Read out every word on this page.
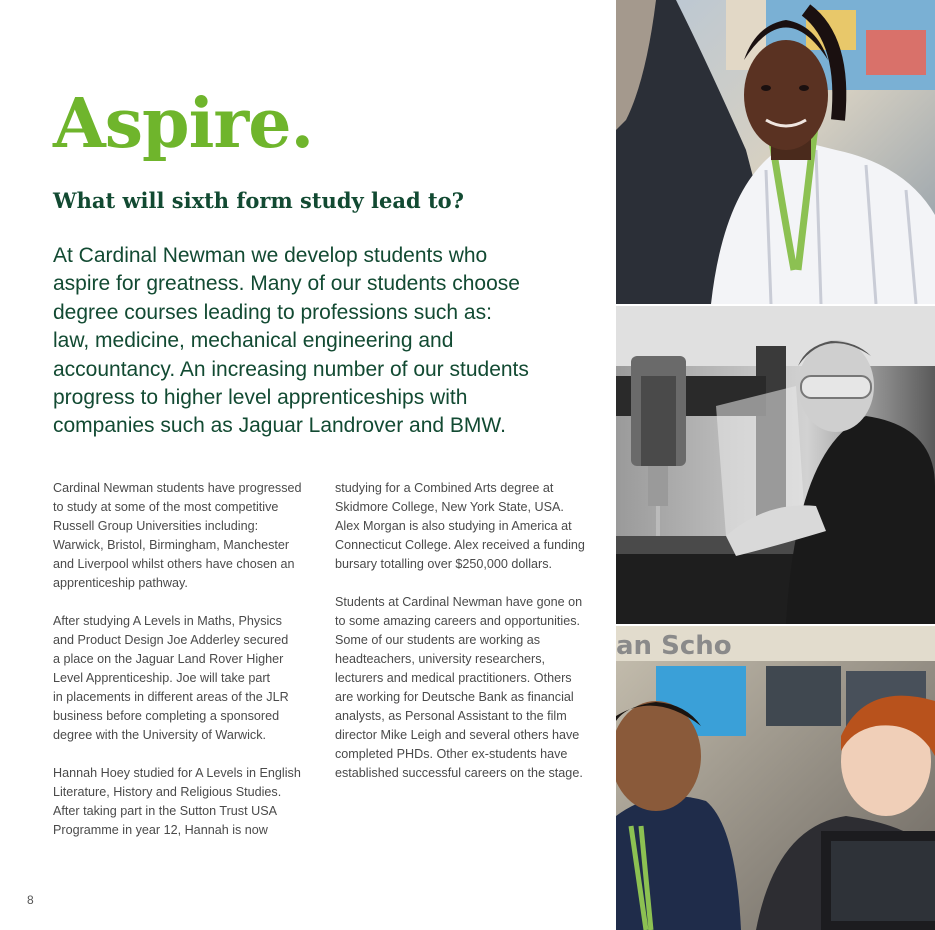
Aspire.
What will sixth form study lead to?
At Cardinal Newman we develop students who
aspire for greatness. Many of our students choose
degree courses leading to professions such as:
law, medicine, mechanical engineering and
accountancy. An increasing number of our students
progress to higher level apprenticeships with
companies such as Jaguar Landrover and BMW.

Cardinal Newman students have progressed
to study at some of the most competitive
Russell Group Universities including:
Warwick, Bristol, Birmingham, Manchester
and Liverpool whilst others have chosen an
apprenticeship pathway.

After studying A Levels in Maths, Physics
and Product Design Joe Adderley secured
a place on the Jaguar Land Rover Higher
Level Apprenticeship. Joe will take part
in placements in different areas of the JLR
business before completing a sponsored
degree with the University of Warwick.

Hannah Hoey studied for A Levels in English
Literature, History and Religious Studies.
After taking part in the Sutton Trust USA
Programme in year 12, Hannah is now

studying for a Combined Arts degree at
Skidmore College, New York State, USA.
Alex Morgan is also studying in America at
Connecticut College. Alex received a funding
bursary totalling over $250,000 dollars.

Students at Cardinal Newman have gone on
to some amazing careers and opportunities.
Some of our students are working as
headteachers, university researchers,
lecturers and medical practitioners. Others
are working for Deutsche Bank as financial
analysts, as Personal Assistant to the film
director Mike Leigh and several others have
completed PHDs. Other ex-students have
established successful careers on the stage.

8
an Scho
